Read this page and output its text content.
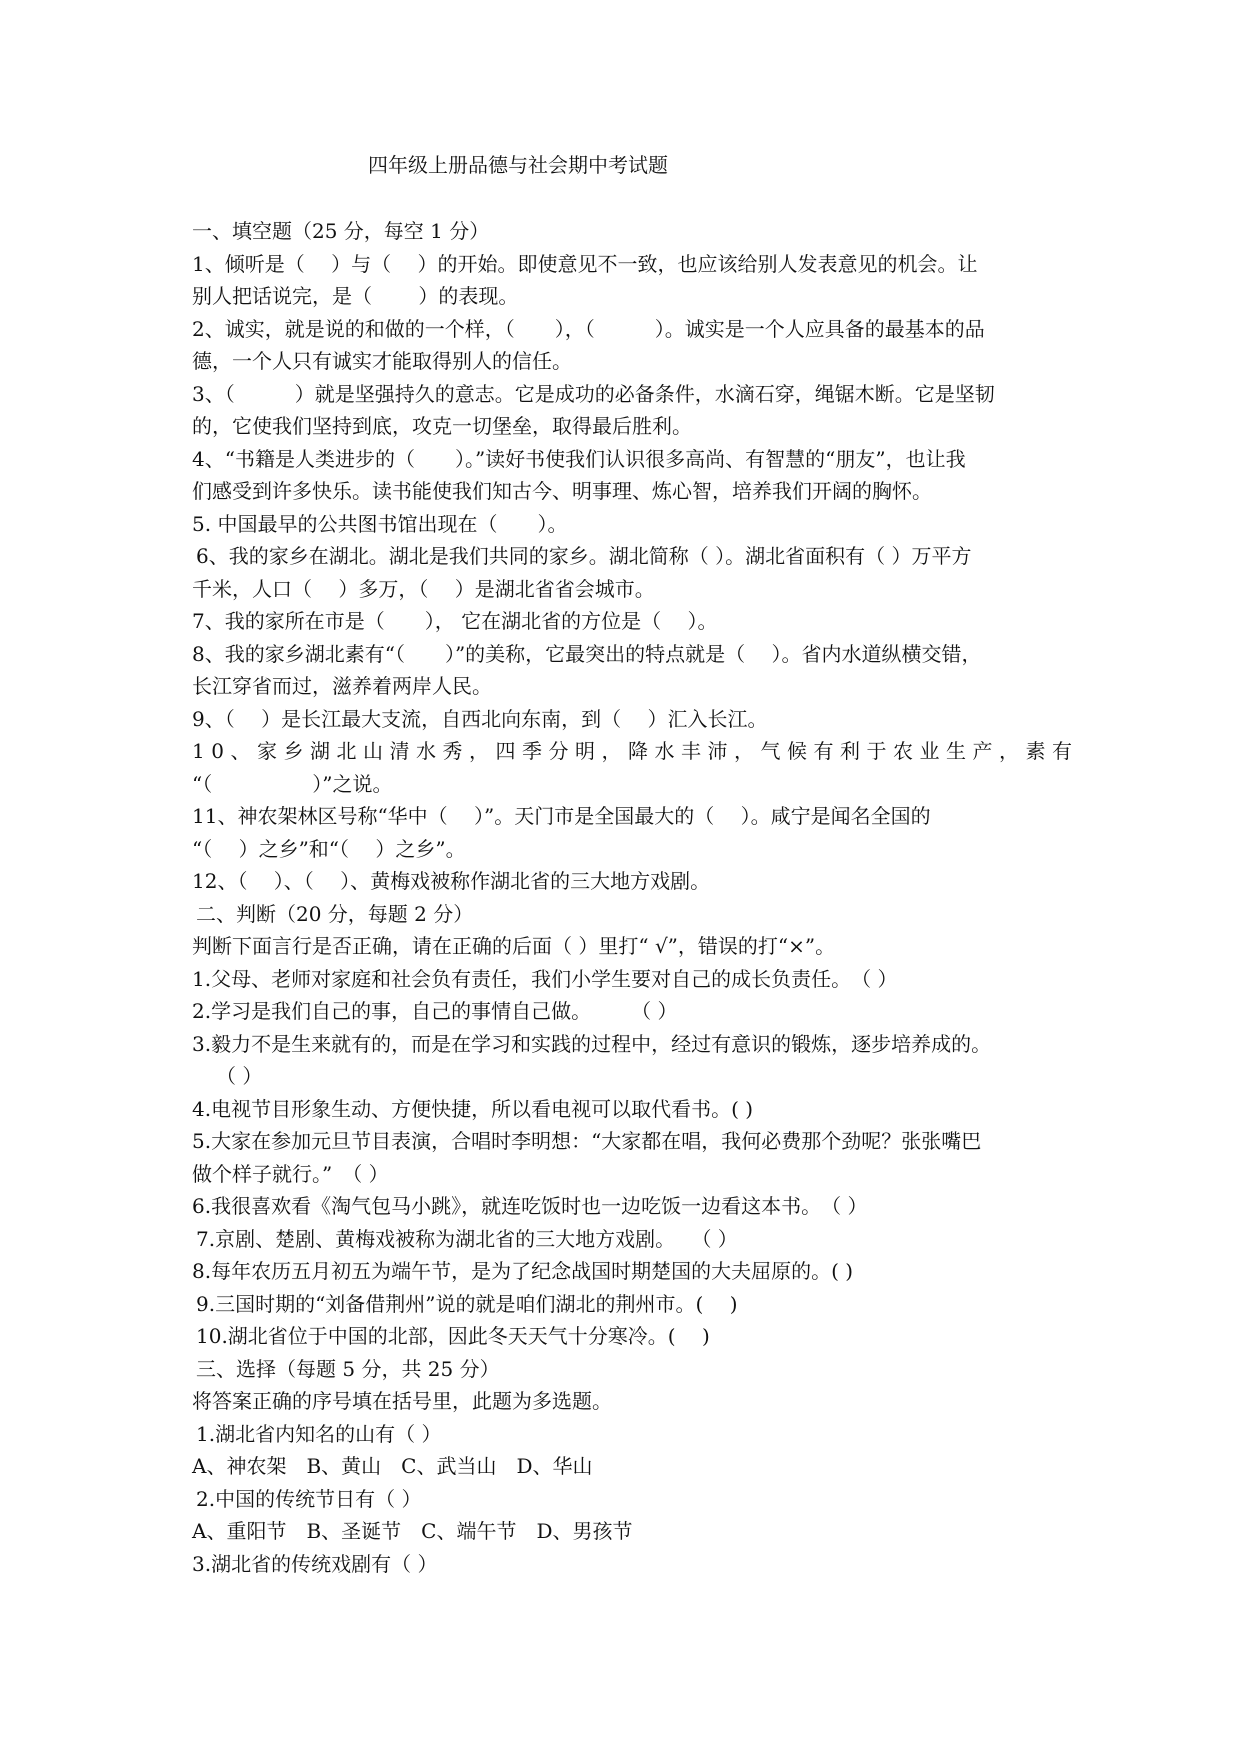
四年级上册品德与社会期中考试题
一、填空题（25 分，每空 1 分）
1、倾听是（　 ）与（　 ）的开始。即使意见不一致，也应该给别人发表意见的机会。让
别人把话说完，是（　　 ）的表现。
2、诚实，就是说的和做的一个样，（　　），（　　　）。诚实是一个人应具备的最基本的品
德，一个人只有诚实才能取得别人的信任。
3、（　　　）就是坚强持久的意志。它是成功的必备条件，水滴石穿，绳锯木断。它是坚韧
的，它使我们坚持到底，攻克一切堡垒，取得最后胜利。
4、“书籍是人类进步的（　　）。”读好书使我们认识很多高尚、有智慧的“朋友”，也让我
们感受到许多快乐。读书能使我们知古今、明事理、炼心智，培养我们开阔的胸怀。
5. 中国最早的公共图书馆出现在（　　）。
6、我的家乡在湖北。湖北是我们共同的家乡。湖北简称（ ）。湖北省面积有（ ）万平方
千米，人口（　 ）多万，（　 ）是湖北省省会城市。
7、我的家所在市是（　　）， 它在湖北省的方位是（　 ）。
8、我的家乡湖北素有“（　　）”的美称，它最突出的特点就是（　 ）。省内水道纵横交错，
长江穿省而过，滋养着两岸人民。
9、（　 ）是长江最大支流，自西北向东南，到（　 ）汇入长江。
10、家乡湖北山清水秀，四季分明，降水丰沛，气候有利于农业生产，素有
“（　　　　　）”之说。
11、神农架林区号称“华中（　 ）”。天门市是全国最大的（　 ）。咸宁是闻名全国的
“（　 ）之乡”和“（　 ）之乡”。
12、（　 ）、（　 ）、黄梅戏被称作湖北省的三大地方戏剧。
二、判断（20 分，每题 2 分）
判断下面言行是否正确，请在正确的后面（ ）里打“ √”，错误的打“×”。
1.父母、老师对家庭和社会负有责任，我们小学生要对自己的成长负责任。　（ ）
2.学习是我们自己的事，自己的事情自己做。　　　（ ）
3.毅力不是生来就有的，而是在学习和实践的过程中，经过有意识的锻炼，逐步培养成的。
（ ）
4.电视节目形象生动、方便快捷，所以看电视可以取代看书。( )
5.大家在参加元旦节目表演，合唱时李明想：“大家都在唱，我何必费那个劲呢？张张嘴巴
做个样子就行。”　（ ）
6.我很喜欢看《淘气包马小跳》，就连吃饭时也一边吃饭一边看这本书。　（ ）
7.京剧、楚剧、黄梅戏被称为湖北省的三大地方戏剧。　 （ ）
8.每年农历五月初五为端午节，是为了纪念战国时期楚国的大夫屈原的。( )
9.三国时期的“刘备借荆州”说的就是咱们湖北的荆州市。(　 )
10.湖北省位于中国的北部，因此冬天天气十分寒冷。(　 )
三、选择（每题 5 分，共 25 分）
将答案正确的序号填在括号里，此题为多选题。
1.湖北省内知名的山有（ ）
A、神农架　B、黄山　C、武当山　D、华山
2.中国的传统节日有（ ）
A、重阳节　B、圣诞节　C、端午节　D、男孩节
3.湖北省的传统戏剧有（ ）
